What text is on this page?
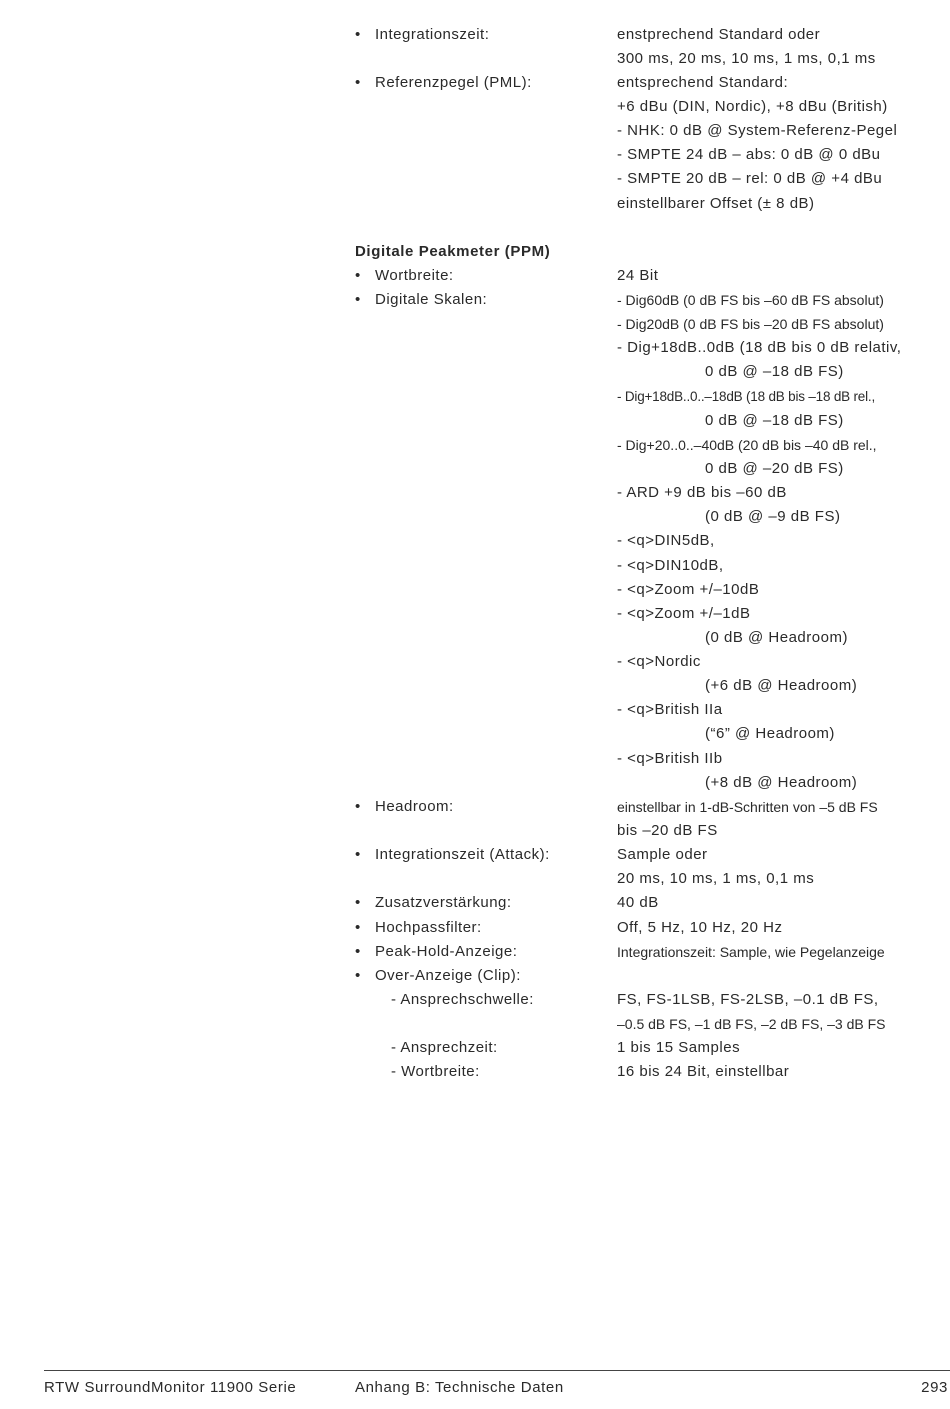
• Integrationszeit:	enstprechend Standard oder
300 ms, 20 ms, 10 ms, 1 ms, 0,1 ms
• Referenzpegel (PML):	entsprechend Standard:
+6 dBu (DIN, Nordic), +8 dBu (British)
- NHK: 0 dB @ System-Referenz-Pegel
- SMPTE 24 dB – abs: 0 dB @ 0 dBu
- SMPTE 20 dB – rel: 0 dB @ +4 dBu
einstellbarer Offset (± 8 dB)
Digitale Peakmeter (PPM)
• Wortbreite:	24 Bit
• Digitale Skalen:	- Dig60dB (0 dB FS bis –60 dB FS absolut)
- Dig20dB (0 dB FS bis –20 dB FS absolut)
- Dig+18dB..0dB (18 dB bis 0 dB relativ,
0 dB @ –18 dB FS)
- Dig+18dB..0..–18dB (18 dB bis –18 dB rel.,
0 dB @ –18 dB FS)
- Dig+20..0..–40dB (20 dB bis –40 dB rel.,
0 dB @ –20 dB FS)
- ARD +9 dB bis –60 dB
(0 dB @ –9 dB FS)
- <q>DIN5dB,
- <q>DIN10dB,
- <q>Zoom +/–10dB
- <q>Zoom +/–1dB
(0 dB @ Headroom)
- <q>Nordic
(+6 dB @ Headroom)
- <q>British IIa
(“6” @ Headroom)
- <q>British IIb
(+8 dB @ Headroom)
• Headroom:	einstellbar in 1-dB-Schritten von –5 dB FS
bis –20 dB FS
• Integrationszeit (Attack):	Sample oder
20 ms, 10 ms, 1 ms, 0,1 ms
• Zusatzverstärkung:	40 dB
• Hochpassfilter:	Off, 5 Hz, 10 Hz, 20 Hz
• Peak-Hold-Anzeige:	Integrationszeit: Sample, wie Pegelanzeige
• Over-Anzeige (Clip):
- Ansprechschwelle:	FS, FS-1LSB, FS-2LSB, –0.1 dB FS,
–0.5 dB FS, –1 dB FS, –2 dB FS, –3 dB FS
- Ansprechzeit:	1 bis 15 Samples
- Wortbreite:	16 bis 24 Bit, einstellbar
RTW SurroundMonitor 11900 Serie	Anhang B: Technische Daten	293
